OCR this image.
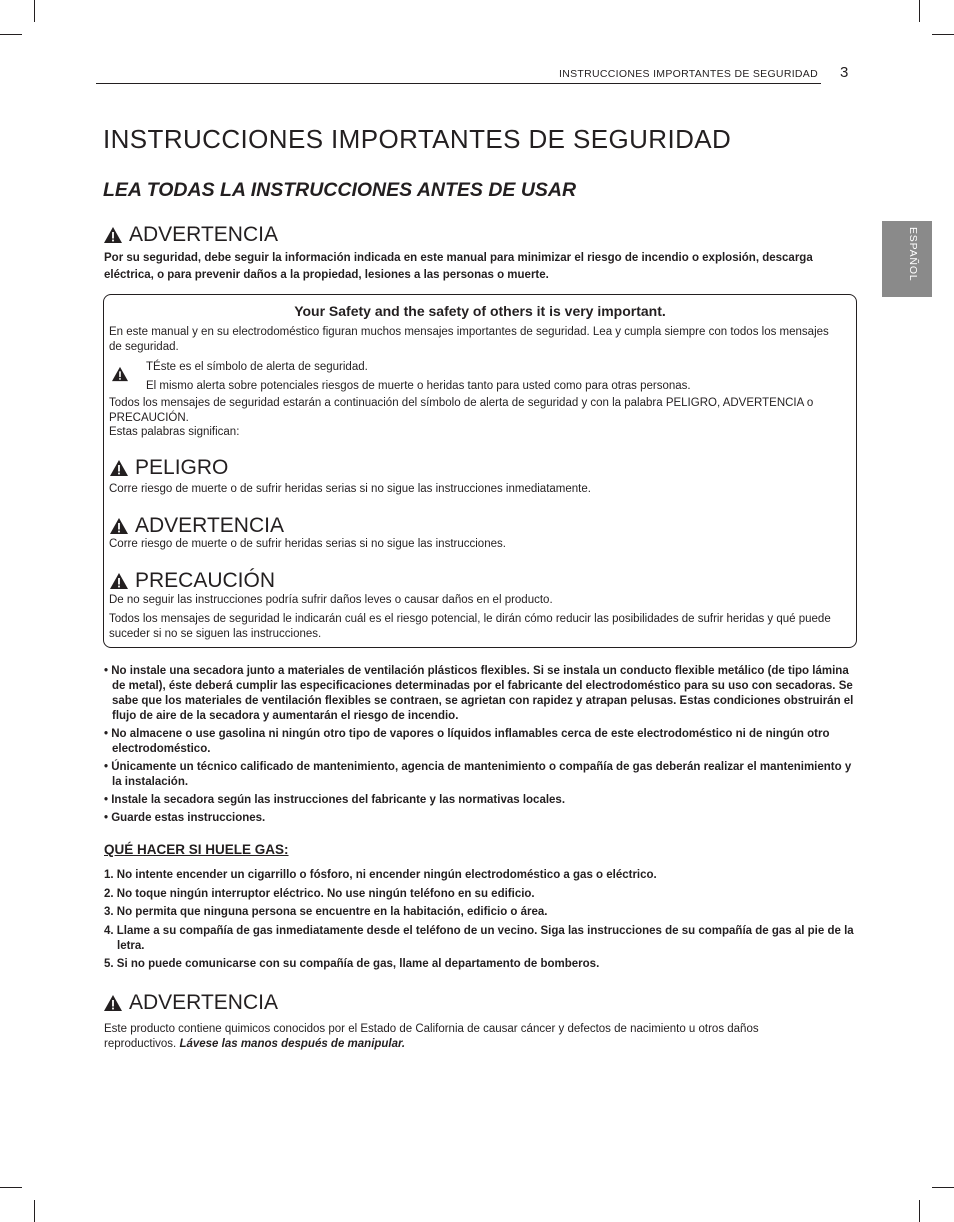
INSTRUCCIONES IMPORTANTES DE SEGURIDAD 3
ESPAÑOL
INSTRUCCIONES IMPORTANTES DE SEGURIDAD
LEA TODAS LA INSTRUCCIONES ANTES DE USAR
ADVERTENCIA

Por su seguridad, debe seguir la información indicada en este manual para minimizar el riesgo de incendio o explosión, descarga eléctrica, o para prevenir daños a la propiedad, lesiones a las personas o muerte.

Your Safety and the safety of others it is very important.

En este manual y en su electrodoméstico figuran muchos mensajes importantes de seguridad. Lea y cumpla siempre con todos los mensajes de seguridad.

TÉste es el símbolo de alerta de seguridad.

El mismo alerta sobre potenciales riesgos de muerte o heridas tanto para usted como para otras personas.

Todos los mensajes de seguridad estarán a continuación del símbolo de alerta de seguridad y con la palabra PELIGRO, ADVERTENCIA o PRECAUCIÓN.

Estas palabras significan:

PELIGRO

Corre riesgo de muerte o de sufrir heridas serias si no sigue las instrucciones inmediatamente.

ADVERTENCIA

Corre riesgo de muerte o de sufrir heridas serias si no sigue las instrucciones.

PRECAUCIÓN

De no seguir las instrucciones podría sufrir daños leves o causar daños en el producto.

Todos los mensajes de seguridad le indicarán cuál es el riesgo potencial, le dirán cómo reducir las posibilidades de sufrir heridas y qué puede suceder si no se siguen las instrucciones.

• No instale una secadora junto a materiales de ventilación plásticos flexibles. Si se instala un conducto flexible metálico (de tipo lámina de metal), éste deberá cumplir las especificaciones determinadas por el fabricante del electrodoméstico para su uso con secadoras. Se sabe que los materiales de ventilación flexibles se contraen, se agrietan con rapidez y atrapan pelusas. Estas condiciones obstruirán el flujo de aire de la secadora y aumentarán el riesgo de incendio.
• No almacene o use gasolina ni ningún otro tipo de vapores o líquidos inflamables cerca de este electrodoméstico ni de ningún otro electrodoméstico.
• Únicamente un técnico calificado de mantenimiento, agencia de mantenimiento o compañía de gas deberán realizar el mantenimiento y la instalación.
• Instale la secadora según las instrucciones del fabricante y las normativas locales.
• Guarde estas instrucciones.
QUÉ HACER SI HUELE GAS:
1. No intente encender un cigarrillo o fósforo, ni encender ningún electrodoméstico a gas o eléctrico.
2. No toque ningún interruptor eléctrico. No use ningún teléfono en su edificio.
3. No permita que ninguna persona se encuentre en la habitación, edificio o área.
4. Llame a su compañía de gas inmediatamente desde el teléfono de un vecino. Siga las instrucciones de su compañía de gas al pie de la letra.
5. Si no puede comunicarse con su compañía de gas, llame al departamento de bomberos.
ADVERTENCIA

Este producto contiene quimicos conocidos por el Estado de California de causar cáncer y defectos de nacimiento u otros daños reproductivos. Lávese las manos después de manipular.
